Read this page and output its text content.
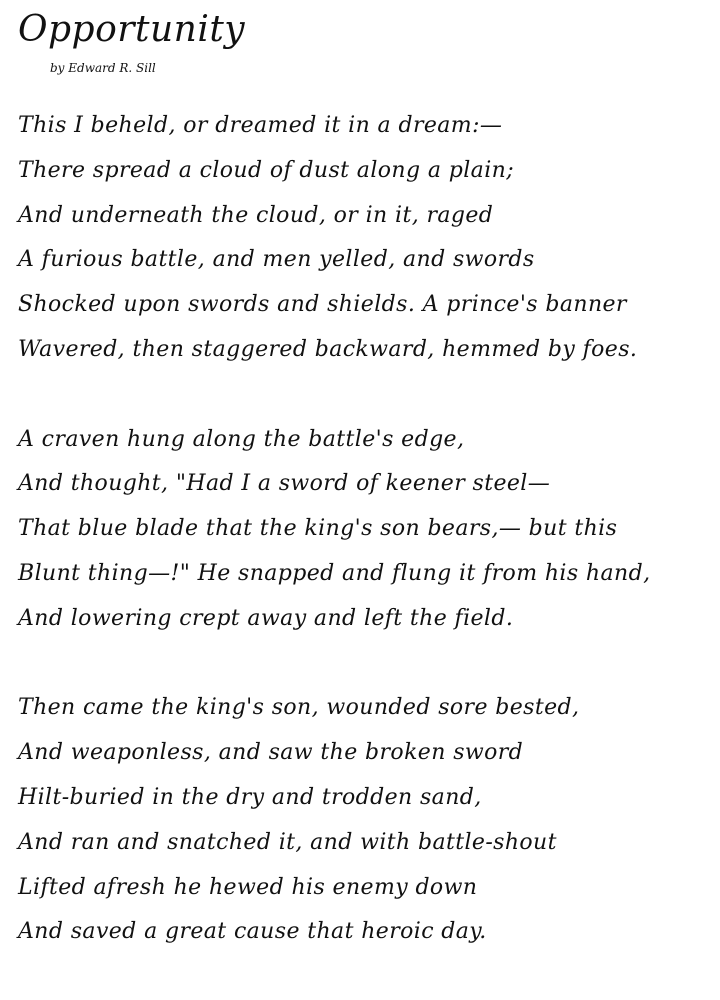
Opportunity
by Edward R. Sill
This I beheld, or dreamed it in a dream:—
There spread a cloud of dust along a plain;
And underneath the cloud, or in it, raged
A furious battle, and men yelled, and swords
Shocked upon swords and shields. A prince's banner
Wavered, then staggered backward, hemmed by foes.
A craven hung along the battle's edge,
And thought, "Had I a sword of keener steel—
That blue blade that the king's son bears,— but this
Blunt thing—!" He snapped and flung it from his hand,
And lowering crept away and left the field.
Then came the king's son, wounded sore bested,
And weaponless, and saw the broken sword
Hilt-buried in the dry and trodden sand,
And ran and snatched it, and with battle-shout
Lifted afresh he hewed his enemy down
And saved a great cause that heroic day.
